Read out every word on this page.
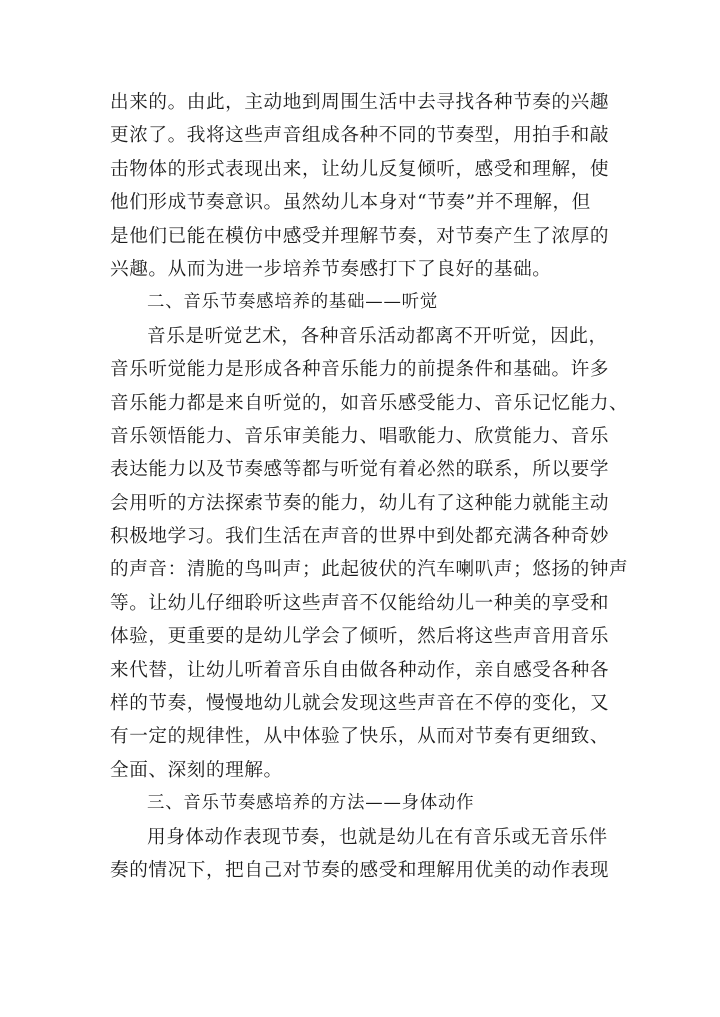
出来的。由此，主动地到周围生活中去寻找各种节奏的兴趣
更浓了。我将这些声音组成各种不同的节奏型，用拍手和敲
击物体的形式表现出来，让幼儿反复倾听，感受和理解，使
他们形成节奏意识。虽然幼儿本身对“节奏”并不理解，但
是他们已能在模仿中感受并理解节奏，对节奏产生了浓厚的
兴趣。从而为进一步培养节奏感打下了良好的基础。
二、音乐节奏感培养的基础——听觉
音乐是听觉艺术，各种音乐活动都离不开听觉，因此，
音乐听觉能力是形成各种音乐能力的前提条件和基础。许多
音乐能力都是来自听觉的，如音乐感受能力、音乐记忆能力、
音乐领悟能力、音乐审美能力、唱歌能力、欣赏能力、音乐
表达能力以及节奏感等都与听觉有着必然的联系，所以要学
会用听的方法探索节奏的能力，幼儿有了这种能力就能主动
积极地学习。我们生活在声音的世界中到处都充满各种奇妙
的声音：清脆的鸟叫声；此起彼伏的汽车喇叭声；悠扬的钟声
等。让幼儿仔细聆听这些声音不仅能给幼儿一种美的享受和
体验，更重要的是幼儿学会了倾听，然后将这些声音用音乐
来代替，让幼儿听着音乐自由做各种动作，亲自感受各种各
样的节奏，慢慢地幼儿就会发现这些声音在不停的变化，又
有一定的规律性，从中体验了快乐，从而对节奏有更细致、
全面、深刻的理解。
三、音乐节奏感培养的方法——身体动作
用身体动作表现节奏，也就是幼儿在有音乐或无音乐伴
奏的情况下，把自己对节奏的感受和理解用优美的动作表现
